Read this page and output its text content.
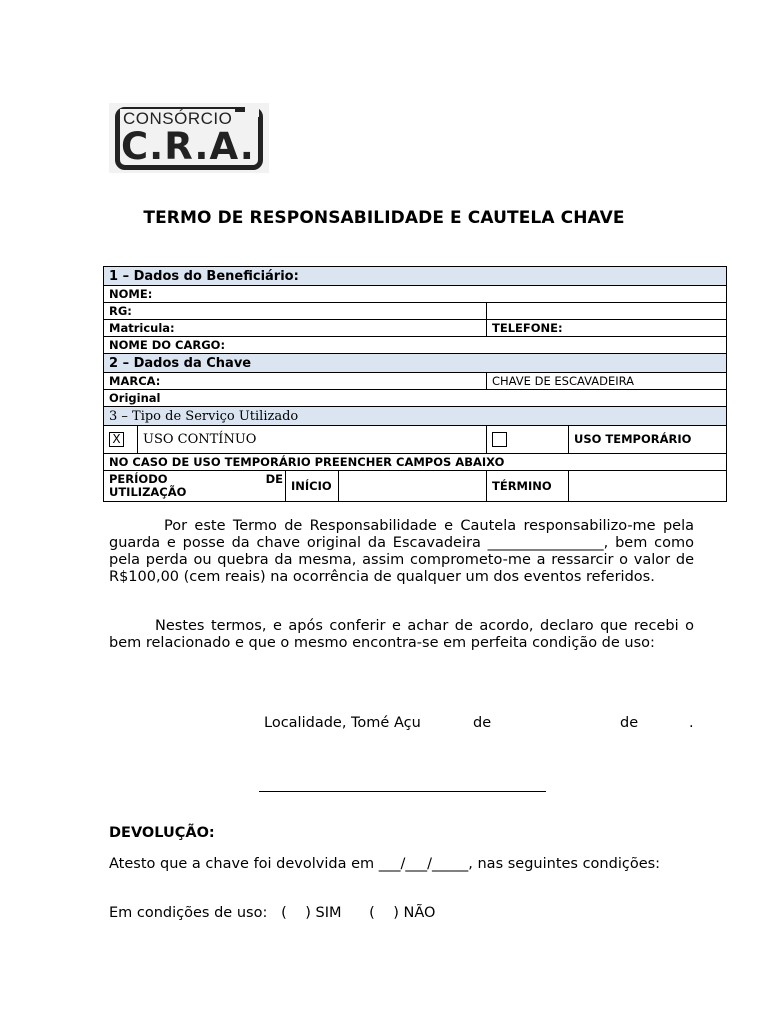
CONSÓRCIO
C.R.A.
TERMO DE RESPONSABILIDADE E CAUTELA CHAVE
1 – Dados do Beneficiário:					
NOME:					
RG:					
Matricula:				TELEFONE:	
NOME DO CARGO:					
2 – Dados da Chave					
MARCA:				CHAVE DE ESCAVADEIRA	
Original					
3 – Tipo de Serviço Utilizado					
X	USO CONTÍNUO				USO TEMPORÁRIO
NO CASO DE USO TEMPORÁRIO PREENCHER CAMPOS ABAIXO					

PERÍODO DE
UTILIZAÇÃO		INÍCIO		TÉRMINO	

Por este Termo de Responsabilidade e Cautela responsabilizo-me pela guarda e posse da chave original da Escavadeira ________________, bem como pela perda ou quebra da mesma, assim comprometo-me a ressarcir o valor de R$100,00 (cem reais) na ocorrência de qualquer um dos eventos referidos.

Nestes termos, e após conferir e achar de acordo, declaro que recebi o bem relacionado e que o mesmo encontra-se em perfeita condição de uso:

Localidade, Tomé Açu	de	de	.
DEVOLUÇÃO:

Atesto que a chave foi devolvida em ___/___/_____, nas seguintes condições:

Em condições de uso:   (    ) SIM      (    ) NÃO
